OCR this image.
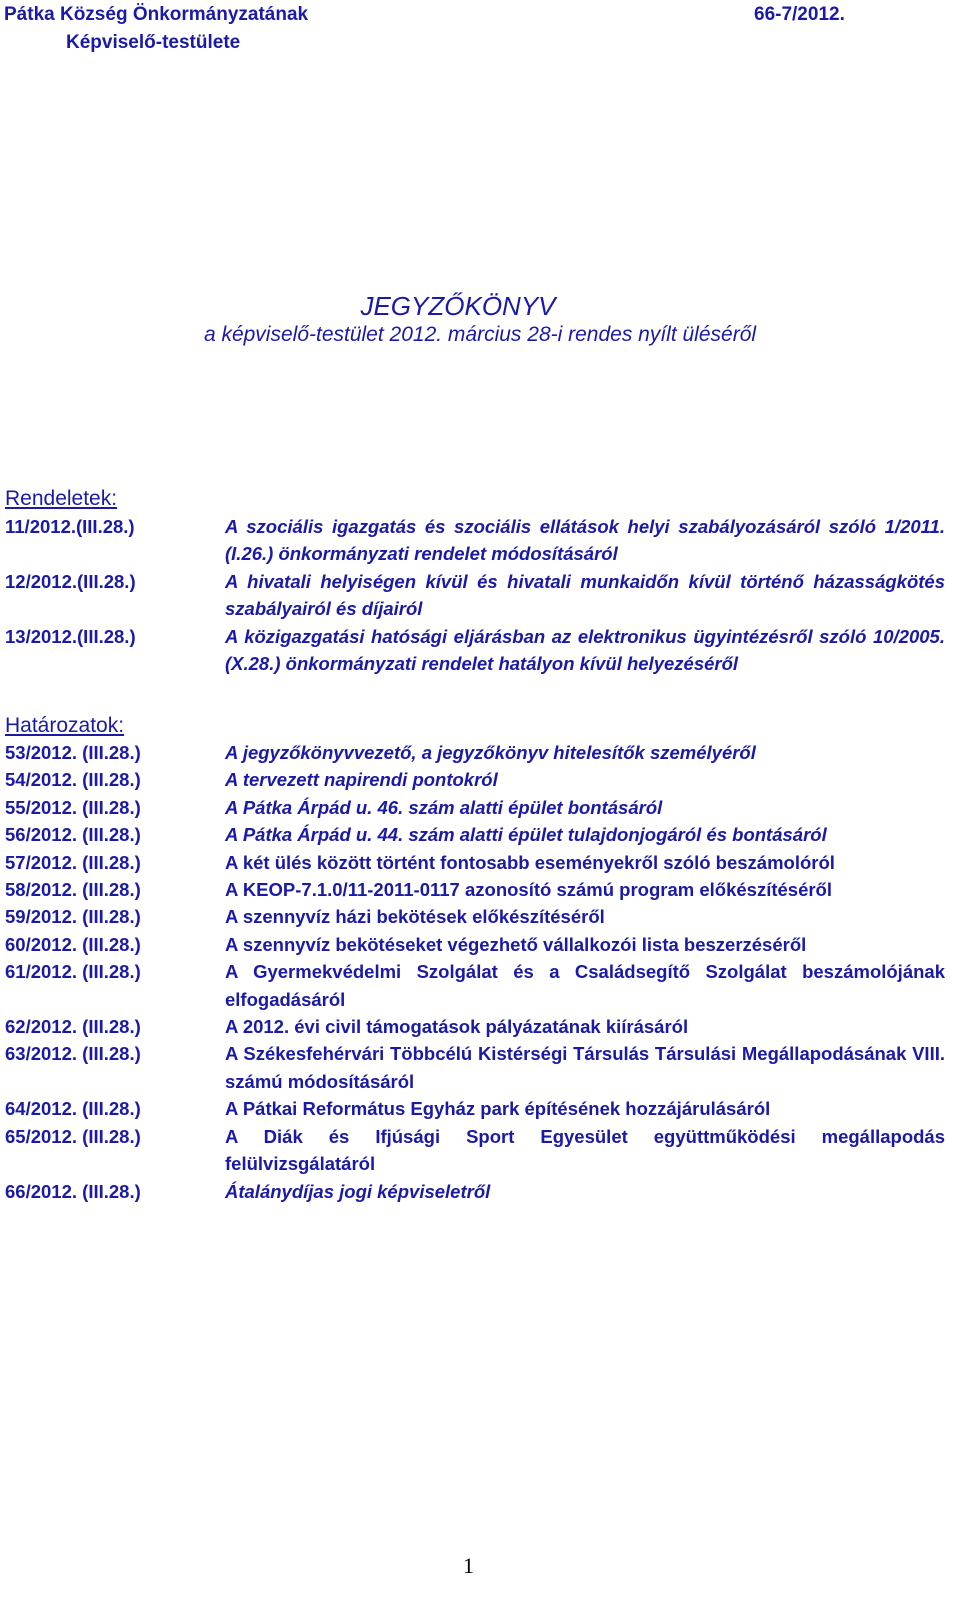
Pátka Község Önkormányzatának
Képviselő-testülete
66-7/2012.
JEGYZŐKÖNYV
a képviselő-testület 2012. március 28-i rendes nyílt üléséről
Rendeletek:
11/2012.(III.28.)	A szociális igazgatás és szociális ellátások helyi szabályozásáról szóló 1/2011.(I.26.) önkormányzati rendelet módosításáról
12/2012.(III.28.)	A hivatali helyiségen kívül és hivatali munkaidőn kívül történő házasságkötés szabályairól és díjairól
13/2012.(III.28.)	A közigazgatási hatósági eljárásban az elektronikus ügyintézésről szóló 10/2005.(X.28.) önkormányzati rendelet hatályon kívül helyezéséről
Határozatok:
53/2012. (III.28.)	A jegyzőkönyvvezető, a jegyzőkönyv hitelesítők személyéről
54/2012. (III.28.)	A tervezett napirendi pontokról
55/2012. (III.28.)	A Pátka Árpád u. 46. szám alatti épület bontásáról
56/2012. (III.28.)	A Pátka Árpád u. 44. szám alatti épület tulajdonjogáról és bontásáról
57/2012. (III.28.)	A két ülés között történt fontosabb eseményekről szóló beszámolóról
58/2012. (III.28.)	A KEOP-7.1.0/11-2011-0117 azonosító számú program előkészítéséről
59/2012. (III.28.)	A szennyvíz házi bekötések előkészítéséről
60/2012. (III.28.)	A szennyvíz bekötéseket végezhető vállalkozói lista beszerzéséről
61/2012. (III.28.)	A Gyermekvédelmi Szolgálat és a Családsegítő Szolgálat beszámolójának elfogadásáról
62/2012. (III.28.)	A 2012. évi civil támogatások pályázatának kiírásáról
63/2012. (III.28.)	A Székesfehérvári Többcélú Kistérségi Társulás Társulási Megállapodásának VIII. számú módosításáról
64/2012. (III.28.)	A Pátkai Református Egyház park építésének hozzájárulásáról
65/2012. (III.28.)	A Diák és Ifjúsági Sport Egyesület együttműködési megállapodás felülvizsgálatáról
66/2012. (III.28.)	Átalánydíjas jogi képviseletről
1
